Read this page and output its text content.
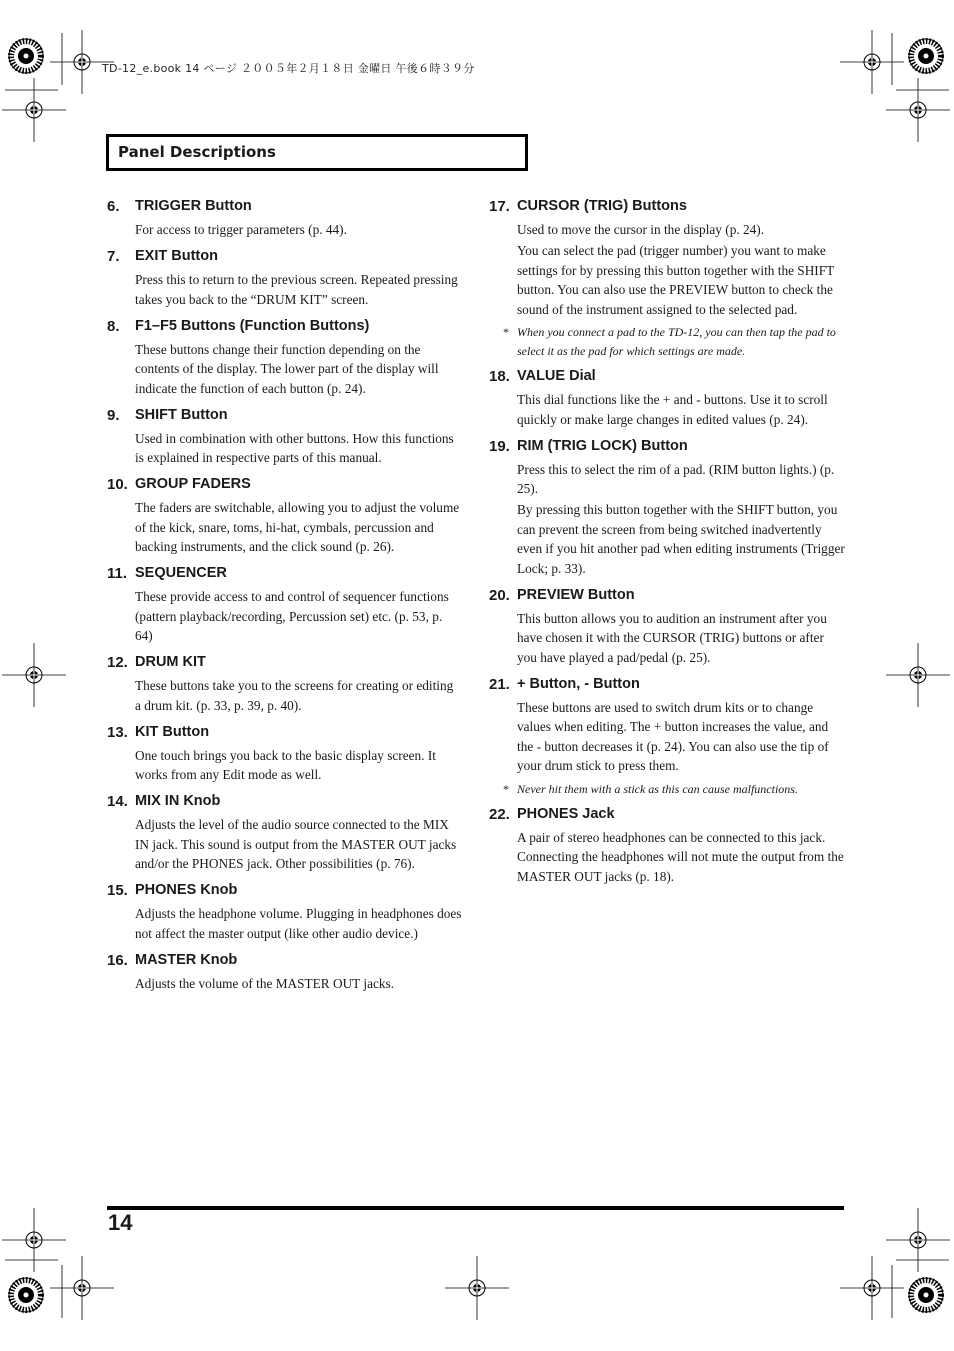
TD-12_e.book 14 ページ ２００５年２月１８日 金曜日 午後６時３９分
Panel Descriptions
6.	TRIGGER Button

For access to trigger parameters (p. 44).

7.	EXIT Button

Press this to return to the previous screen. Repeated pressing takes you back to the “DRUM KIT” screen.

8.	F1–F5 Buttons (Function Buttons)

These buttons change their function depending on the contents of the display. The lower part of the display will indicate the function of each button (p. 24).

9.	SHIFT Button

Used in combination with other buttons. How this functions is explained in respective parts of this manual.

10. GROUP FADERS

The faders are switchable, allowing you to adjust the volume of the kick, snare, toms, hi-hat, cymbals, percussion and backing instruments, and the click sound (p. 26).

11. SEQUENCER

These provide access to and control of sequencer functions (pattern playback/recording, Percussion set) etc. (p. 53, p. 64)

12. DRUM KIT

These buttons take you to the screens for creating or editing a drum kit. (p. 33, p. 39, p. 40).

13. KIT Button

One touch brings you back to the basic display screen. It works from any Edit mode as well.

14. MIX IN Knob

Adjusts the level of the audio source connected to the MIX IN jack. This sound is output from the MASTER OUT jacks and/or the PHONES jack. Other possibilities (p. 76).

15. PHONES Knob

Adjusts the headphone volume. Plugging in headphones does not affect the master output (like other audio device.)

16. MASTER Knob

Adjusts the volume of the MASTER OUT jacks.

17. CURSOR (TRIG) Buttons

Used to move the cursor in the display (p. 24).

You can select the pad (trigger number) you want to make settings for by pressing this button together with the SHIFT button. You can also use the PREVIEW button to check the sound of the instrument assigned to the selected pad.

* When you connect a pad to the TD-12, you can then tap the pad to select it as the pad for which settings are made.
18. VALUE Dial

This dial functions like the + and - buttons. Use it to scroll quickly or make large changes in edited values (p. 24).

19. RIM (TRIG LOCK) Button

Press this to select the rim of a pad. (RIM button lights.) (p. 25).

By pressing this button together with the SHIFT button, you can prevent the screen from being switched inadvertently even if you hit another pad when editing instruments (Trigger Lock; p. 33).

20. PREVIEW Button

This button allows you to audition an instrument after you have chosen it with the CURSOR (TRIG) buttons or after you have played a pad/pedal (p. 25).

21. + Button, - Button

These buttons are used to switch drum kits or to change values when editing. The + button increases the value, and the - button decreases it (p. 24). You can also use the tip of your drum stick to press them.

* Never hit them with a stick as this can cause malfunctions.
22. PHONES Jack

A pair of stereo headphones can be connected to this jack. Connecting the headphones will not mute the output from the MASTER OUT jacks (p. 18).

14
